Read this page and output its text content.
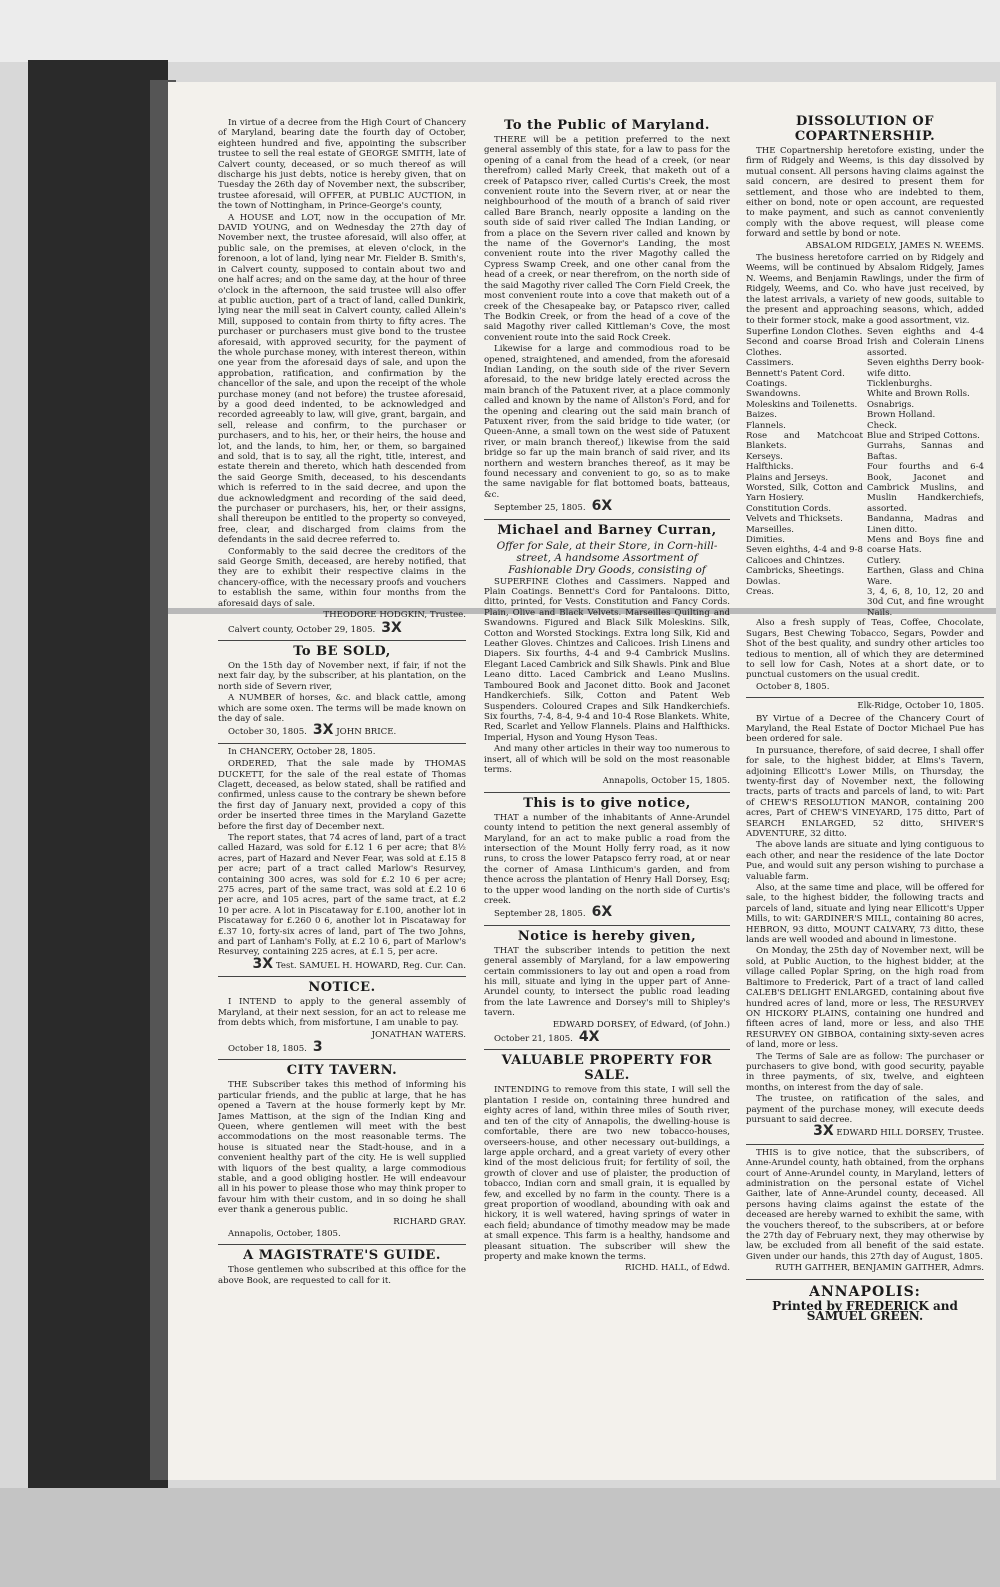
In virtue of a decree from the High Court of Chancery of Maryland, bearing date the fourth day of October, eighteen hundred and five, appointing the subscriber trustee to sell the real estate of GEORGE SMITH, late of Calvert county, deceased, or so much thereof as will discharge his just debts, notice is hereby given, that on Tuesday the 26th day of November next, the subscriber, trustee aforesaid, will OFFER, at PUBLIC AUCTION, in the town of Nottingham, in Prince-George's county,

A HOUSE and LOT, now in the occupation of Mr. DAVID YOUNG, and on Wednesday the 27th day of November next, the trustee aforesaid, will also offer, at public sale, on the premises, at eleven o'clock, in the forenoon, a lot of land, lying near Mr. Fielder B. Smith's, in Calvert county, supposed to contain about two and one half acres; and on the same day, at the hour of three o'clock in the afternoon, the said trustee will also offer at public auction, part of a tract of land, called Dunkirk, lying near the mill seat in Calvert county, called Allein's Mill, supposed to contain from thirty to fifty acres. The purchaser or purchasers must give bond to the trustee aforesaid, with approved security, for the payment of the whole purchase money, with interest thereon, within one year from the aforesaid days of sale, and upon the approbation, ratification, and confirmation by the chancellor of the sale, and upon the receipt of the whole purchase money (and not before) the trustee aforesaid, by a good deed indented, to be acknowledged and recorded agreeably to law, will give, grant, bargain, and sell, release and confirm, to the purchaser or purchasers, and to his, her, or their heirs, the house and lot, and the lands, to him, her, or them, so bargained and sold, that is to say, all the right, title, interest, and estate therein and thereto, which hath descended from the said George Smith, deceased, to his descendants which is referred to in the said decree, and upon the due acknowledgment and recording of the said deed, the purchaser or purchasers, his, her, or their assigns, shall thereupon be entitled to the property so conveyed, free, clear, and discharged from claims from the defendants in the said decree referred to.

Conformably to the said decree the creditors of the said George Smith, deceased, are hereby notified, that they are to exhibit their respective claims in the chancery-office, with the necessary proofs and vouchers to establish the same, within four months from the aforesaid days of sale.

THEODORE HODGKIN, Trustee.
Calvert county, October 29, 1805. 3X
To BE SOLD,

On the 15th day of November next, if fair, if not the next fair day, by the subscriber, at his plantation, on the north side of Severn river,

A NUMBER of horses, &c. and black cattle, among which are some oxen. The terms will be made known on the day of sale.

October 30, 1805. 3X JOHN BRICE.
In CHANCERY, October 28, 1805.

ORDERED, That the sale made by THOMAS DUCKETT, for the sale of the real estate of Thomas Clagett, deceased, as below stated, shall be ratified and confirmed, unless cause to the contrary be shewn before the first day of January next, provided a copy of this order be inserted three times in the Maryland Gazette before the first day of December next.

The report states, that 74 acres of land, part of a tract called Hazard, was sold for £.12 1 6 per acre; that 8½ acres, part of Hazard and Never Fear, was sold at £.15 8 per acre; part of a tract called Marlow's Resurvey, containing 300 acres, was sold for £.2 10 6 per acre; 275 acres, part of the same tract, was sold at £.2 10 6 per acre, and 105 acres, part of the same tract, at £.2 10 per acre. A lot in Piscataway for £.100, another lot in Piscataway for £.260 0 6, another lot in Piscataway for £.37 10, forty-six acres of land, part of The two Johns, and part of Lanham's Folly, at £.2 10 6, part of Marlow's Resurvey, containing 225 acres, at £.1 5, per acre.

3X Test. SAMUEL H. HOWARD, Reg. Cur. Can.
NOTICE.

I INTEND to apply to the general assembly of Maryland, at their next session, for an act to release me from debts which, from misfortune, I am unable to pay.

JONATHAN WATERS.
October 18, 1805. 3
CITY TAVERN.

THE Subscriber takes this method of informing his particular friends, and the public at large, that he has opened a Tavern at the house formerly kept by Mr. James Mattison, at the sign of the Indian King and Queen, where gentlemen will meet with the best accommodations on the most reasonable terms. The house is situated near the Stadt-house, and in a convenient healthy part of the city. He is well supplied with liquors of the best quality, a large commodious stable, and a good obliging hostler. He will endeavour all in his power to please those who may think proper to favour him with their custom, and in so doing he shall ever thank a generous public.

RICHARD GRAY.
Annapolis, October, 1805.
A MAGISTRATE'S GUIDE.

Those gentlemen who subscribed at this office for the above Book, are requested to call for it.

To the Public of Maryland.

THERE will be a petition preferred to the next general assembly of this state, for a law to pass for the opening of a canal from the head of a creek, (or near therefrom) called Marly Creek, that maketh out of a creek of Patapsco river, called Curtis's Creek, the most convenient route into the Severn river, at or near the neighbourhood of the mouth of a branch of said river called Bare Branch, nearly opposite a landing on the south side of said river called The Indian Landing, or from a place on the Severn river called and known by the name of the Governor's Landing, the most convenient route into the river Magothy called the Cypress Swamp Creek, and one other canal from the head of a creek, or near therefrom, on the north side of the said Magothy river called The Corn Field Creek, the most convenient route into a cove that maketh out of a creek of the Chesapeake bay, or Patapsco river, called The Bodkin Creek, or from the head of a cove of the said Magothy river called Kittleman's Cove, the most convenient route into the said Rock Creek.

Likewise for a large and commodious road to be opened, straightened, and amended, from the aforesaid Indian Landing, on the south side of the river Severn aforesaid, to the new bridge lately erected across the main branch of the Patuxent river, at a place commonly called and known by the name of Allston's Ford, and for the opening and clearing out the said main branch of Patuxent river, from the said bridge to tide water, (or Queen-Anne, a small town on the west side of Patuxent river, or main branch thereof,) likewise from the said bridge so far up the main branch of said river, and its northern and western branches thereof, as it may be found necessary and convenient to go, so as to make the same navigable for flat bottomed boats, batteaus, &c.

September 25, 1805. 6X
Michael and Barney Curran,
Offer for Sale, at their Store, in Corn-hill-street, A handsome Assortment of Fashionable Dry Goods, consisting of

SUPERFINE Clothes and Cassimers. Napped and Plain Coatings. Bennett's Cord for Pantaloons. Ditto, ditto, printed, for Vests. Constitution and Fancy Cords. Plain, Olive and Black Velvets. Marseilles Quilting and Swandowns. Figured and Black Silk Moleskins. Silk, Cotton and Worsted Stockings. Extra long Silk, Kid and Leather Gloves. Chintzes and Calicoes. Irish Linens and Diapers. Six fourths, 4-4 and 9-4 Cambrick Muslins. Elegant Laced Cambrick and Silk Shawls. Pink and Blue Leano ditto. Laced Cambrick and Leano Muslins. Tamboured Book and Jaconet ditto. Book and Jaconet Handkerchiefs. Silk, Cotton and Patent Web Suspenders. Coloured Crapes and Silk Handkerchiefs. Six fourths, 7-4, 8-4, 9-4 and 10-4 Rose Blankets. White, Red, Scarlet and Yellow Flannels. Plains and Halfthicks. Imperial, Hyson and Young Hyson Teas.

And many other articles in their way too numerous to insert, all of which will be sold on the most reasonable terms.

Annapolis, October 15, 1805.
This is to give notice,

THAT a number of the inhabitants of Anne-Arundel county intend to petition the next general assembly of Maryland, for an act to make public a road from the intersection of the Mount Holly ferry road, as it now runs, to cross the lower Patapsco ferry road, at or near the corner of Amasa Linthicum's garden, and from thence across the plantation of Henry Hall Dorsey, Esq; to the upper wood landing on the north side of Curtis's creek.

September 28, 1805. 6X
Notice is hereby given,

THAT the subscriber intends to petition the next general assembly of Maryland, for a law empowering certain commissioners to lay out and open a road from his mill, situate and lying in the upper part of Anne-Arundel county, to intersect the public road leading from the late Lawrence and Dorsey's mill to Shipley's tavern.

EDWARD DORSEY, of Edward, (of John.)
October 21, 1805. 4X
VALUABLE PROPERTY FOR SALE.

INTENDING to remove from this state, I will sell the plantation I reside on, containing three hundred and eighty acres of land, within three miles of South river, and ten of the city of Annapolis, the dwelling-house is comfortable, there are two new tobacco-houses, overseers-house, and other necessary out-buildings, a large apple orchard, and a great variety of every other kind of the most delicious fruit; for fertility of soil, the growth of clover and use of plaister, the production of tobacco, Indian corn and small grain, it is equalled by few, and excelled by no farm in the county. There is a great proportion of woodland, abounding with oak and hickory, it is well watered, having springs of water in each field; abundance of timothy meadow may be made at small expence. This farm is a healthy, handsome and pleasant situation. The subscriber will shew the property and make known the terms.

RICHD. HALL, of Edwd.
DISSOLUTION OF COPARTNERSHIP.

THE Copartnership heretofore existing, under the firm of Ridgely and Weems, is this day dissolved by mutual consent. All persons having claims against the said concern, are desired to present them for settlement, and those who are indebted to them, either on bond, note or open account, are requested to make payment, and such as cannot conveniently comply with the above request, will please come forward and settle by bond or note.

ABSALOM RIDGELY, JAMES N. WEEMS.

The business heretofore carried on by Ridgely and Weems, will be continued by Absalom Ridgely, James N. Weems, and Benjamin Rawlings, under the firm of Ridgely, Weems, and Co. who have just received, by the latest arrivals, a variety of new goods, suitable to the present and approaching seasons, which, added to their former stock, make a good assortment, viz.

Superfine London Clothes.
Second and coarse Broad Clothes.
Cassimers.
Bennett's Patent Cord.
Coatings.
Swandowns.
Moleskins and Toilenetts.
Baizes.
Flannels.
Rose and Matchcoat Blankets.
Kerseys.
Halfthicks.
Plains and Jerseys.
Worsted, Silk, Cotton and Yarn Hosiery.
Constitution Cords.
Velvets and Thicksets.
Marseilles.
Dimities.
Seven eighths, 4-4 and 9-8 Calicoes and Chintzes.
Cambricks, Sheetings.
Dowlas.
Creas.
Seven eighths and 4-4 Irish and Colerain Linens assorted.
Seven eighths Derry book-wife ditto.
Ticklenburghs.
White and Brown Rolls.
Osnabrigs.
Brown Holland.
Check.
Blue and Striped Cottons.
Gurrahs, Sannas and Baftas.
Four fourths and 6-4 Book, Jaconet and Cambrick Muslins, and Muslin Handkerchiefs, assorted.
Bandanna, Madras and Linen ditto.
Mens and Boys fine and coarse Hats.
Cutlery.
Earthen, Glass and China Ware.
3, 4, 6, 8, 10, 12, 20 and 30d Cut, and fine wrought Nails.

Also a fresh supply of Teas, Coffee, Chocolate, Sugars, Best Chewing Tobacco, Segars, Powder and Shot of the best quality, and sundry other articles too tedious to mention, all of which they are determined to sell low for Cash, Notes at a short date, or to punctual customers on the usual credit.

October 8, 1805.
Elk-Ridge, October 10, 1805.

BY Virtue of a Decree of the Chancery Court of Maryland, the Real Estate of Doctor Michael Pue has been ordered for sale.

In pursuance, therefore, of said decree, I shall offer for sale, to the highest bidder, at Elms's Tavern, adjoining Ellicott's Lower Mills, on Thursday, the twenty-first day of November next, the following tracts, parts of tracts and parcels of land, to wit: Part of CHEW'S RESOLUTION MANOR, containing 200 acres, Part of CHEW'S VINEYARD, 175 ditto, Part of SEARCH ENLARGED, 52 ditto, SHIVER'S ADVENTURE, 32 ditto.

The above lands are situate and lying contiguous to each other, and near the residence of the late Doctor Pue, and would suit any person wishing to purchase a valuable farm.

Also, at the same time and place, will be offered for sale, to the highest bidder, the following tracts and parcels of land, situate and lying near Ellicott's Upper Mills, to wit: GARDINER'S MILL, containing 80 acres, HEBRON, 93 ditto, MOUNT CALVARY, 73 ditto, these lands are well wooded and abound in limestone.

On Monday, the 25th day of November next, will be sold, at Public Auction, to the highest bidder, at the village called Poplar Spring, on the high road from Baltimore to Frederick, Part of a tract of land called CALEB'S DELIGHT ENLARGED, containing about five hundred acres of land, more or less, The RESURVEY ON HICKORY PLAINS, containing one hundred and fifteen acres of land, more or less, and also THE RESURVEY ON GIBBOA, containing sixty-seven acres of land, more or less.

The Terms of Sale are as follow: The purchaser or purchasers to give bond, with good security, payable in three payments, of six, twelve, and eighteen months, on interest from the day of sale.

The trustee, on ratification of the sales, and payment of the purchase money, will execute deeds pursuant to said decree.

3X EDWARD HILL DORSEY, Trustee.

THIS is to give notice, that the subscribers, of Anne-Arundel county, hath obtained, from the orphans court of Anne-Arundel county, in Maryland, letters of administration on the personal estate of Vichel Gaither, late of Anne-Arundel county, deceased. All persons having claims against the estate of the deceased are hereby warned to exhibit the same, with the vouchers thereof, to the subscribers, at or before the 27th day of February next, they may otherwise by law, be excluded from all benefit of the said estate. Given under our hands, this 27th day of August, 1805.

RUTH GAITHER, BENJAMIN GAITHER, Admrs.
ANNAPOLIS:
Printed by FREDERICK and SAMUEL GREEN.
